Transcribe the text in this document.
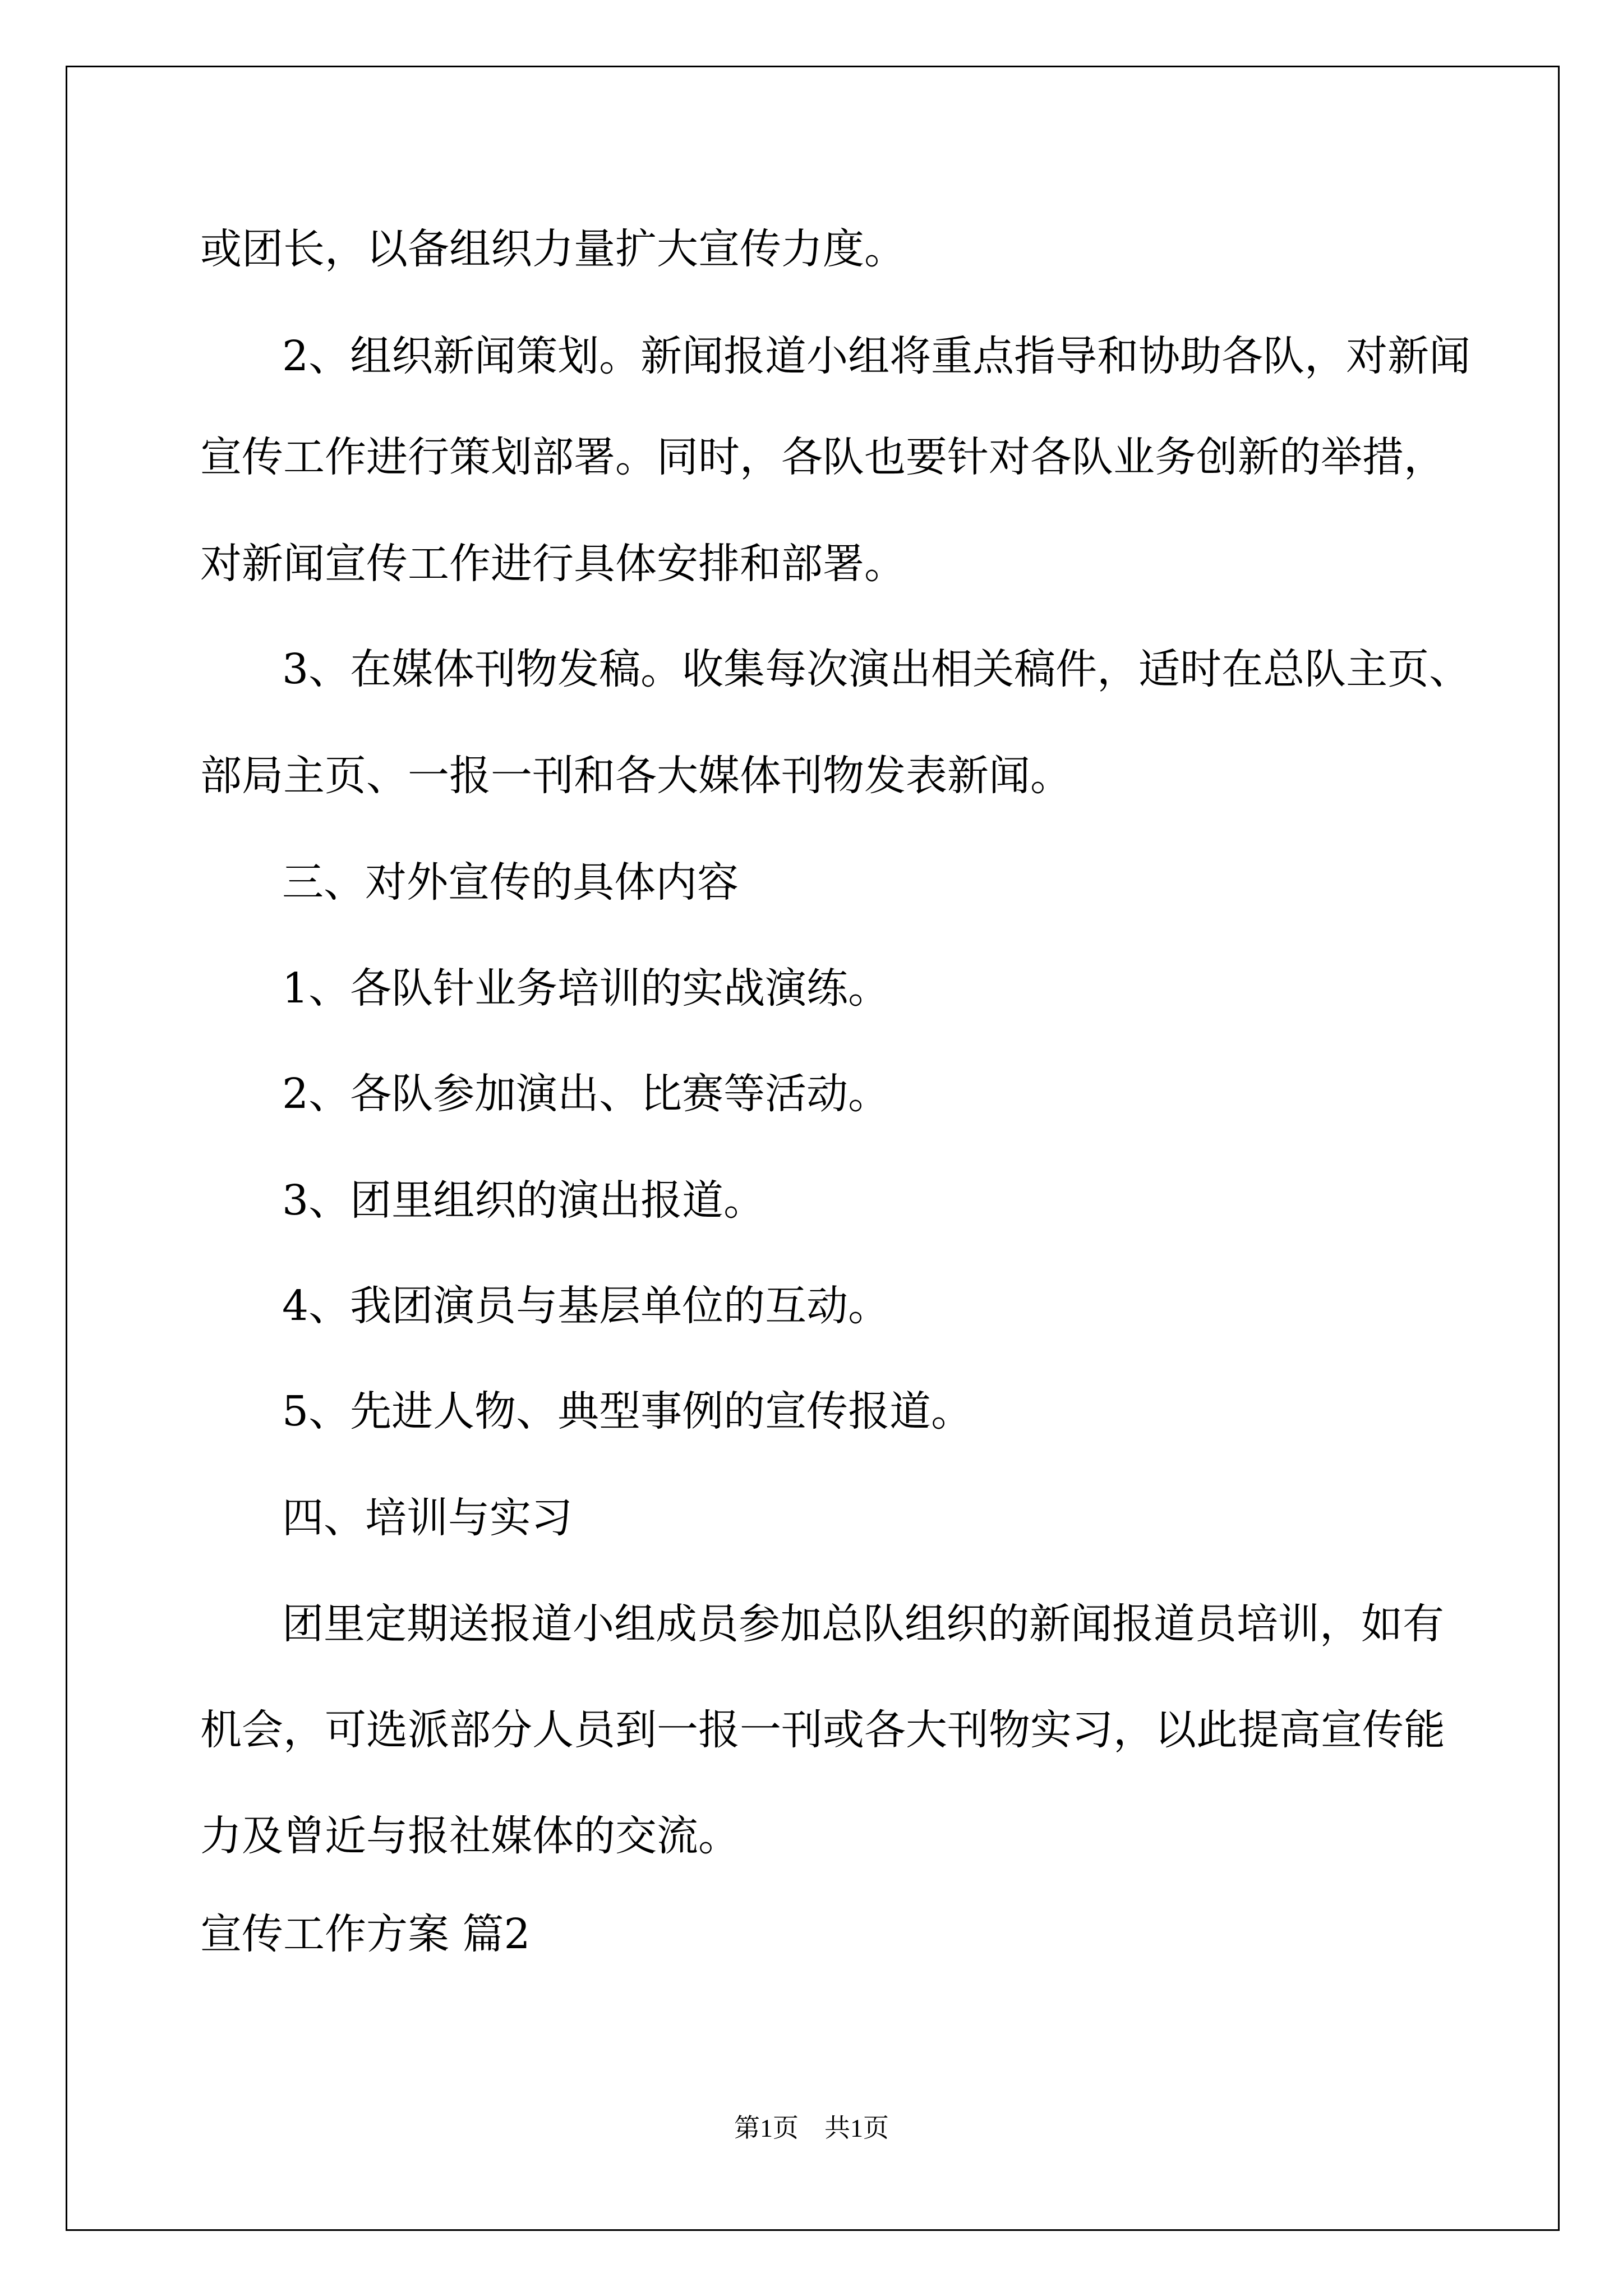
或团长，以备组织力量扩大宣传力度。
2、组织新闻策划。新闻报道小组将重点指导和协助各队，对新闻
宣传工作进行策划部署。同时，各队也要针对各队业务创新的举措，
对新闻宣传工作进行具体安排和部署。
3、在媒体刊物发稿。收集每次演出相关稿件，适时在总队主页、
部局主页、一报一刊和各大媒体刊物发表新闻。
三、对外宣传的具体内容
1、各队针业务培训的实战演练。
2、各队参加演出、比赛等活动。
3、团里组织的演出报道。
4、我团演员与基层单位的互动。
5、先进人物、典型事例的宣传报道。
四、培训与实习
团里定期送报道小组成员参加总队组织的新闻报道员培训，如有
机会，可选派部分人员到一报一刊或各大刊物实习，以此提高宣传能
力及曾近与报社媒体的交流。
宣传工作方案 篇2
第1页　共1页
